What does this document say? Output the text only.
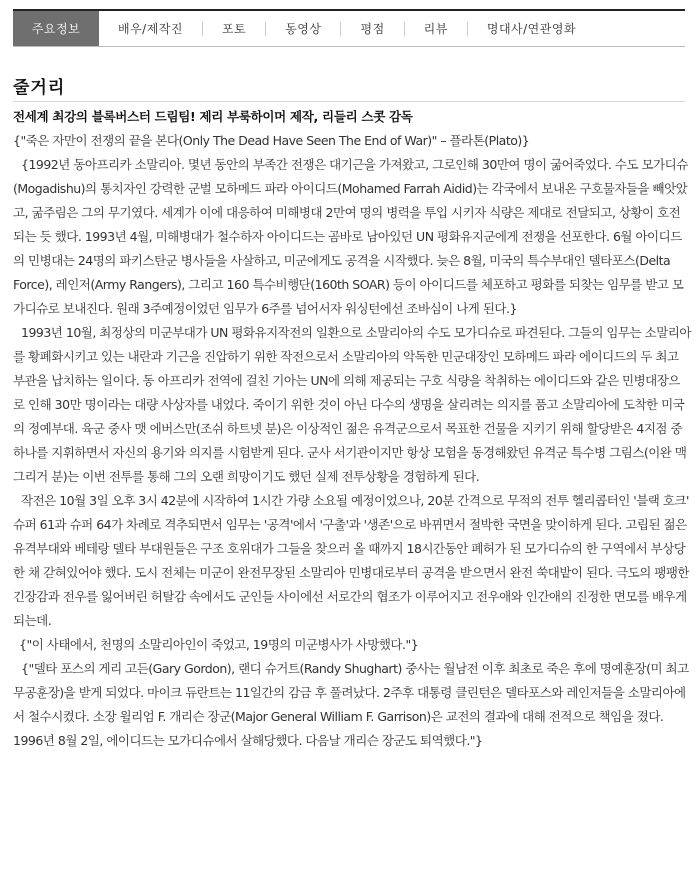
주요정보	배우/제작진	포토	동영상	평점	리뷰	명대사/연관영화
줄거리

전세계 최강의 블록버스터 드림팀! 제리 부룩하이머 제작, 리들리 스콧 감독

{"죽은 자만이 전쟁의 끝을 본다(Only The Dead Have Seen The End of War)" – 플라톤(Plato)}

{1992년 동아프리카 소말리아. 몇년 동안의 부족간 전쟁은 대기근을 가져왔고, 그로인해 30만여 명이 굶어죽었다. 수도 모가디슈(Mogadishu)의 통치자인 강력한 군벌 모하메드 파라 아이디드(Mohamed Farrah Aidid)는 각국에서 보내온 구호물자들을 빼앗았고, 굶주림은 그의 무기였다. 세계가 이에 대응하여 미해병대 2만여 명의 병력을 투입 시키자 식량은 제대로 전달되고, 상황이 호전되는 듯 했다. 1993년 4월, 미해병대가 철수하자 아이디드는 곰바로 남아있던 UN 평화유지군에게 전쟁을 선포한다. 6월 아이디드의 민병대는 24명의 파키스탄군 병사들을 사살하고, 미군에게도 공격을 시작했다. 늦은 8월, 미국의 특수부대인 델타포스(Delta Force), 레인저(Army Rangers), 그리고 160 특수비행단(160th SOAR) 등이 아이디드를 체포하고 평화를 되찾는 임무를 받고 모가디슈로 보내진다. 원래 3주예정이었던 임무가 6주를 넘어서자 워싱턴에선 조바심이 나게 된다.}

1993년 10월, 최정상의 미군부대가 UN 평화유지작전의 일환으로 소말리아의 수도 모가디슈로 파견된다. 그들의 임무는 소말리아를 황폐화시키고 있는 내란과 기근을 진압하기 위한 작전으로서 소말리아의 악독한 민군대장인 모하메드 파라 에이디드의 두 최고 부관을 납치하는 일이다. 동 아프리카 전역에 걸친 기아는 UN에 의해 제공되는 구호 식량을 착취하는 에이디드와 같은 민병대장으로 인해 30만 명이라는 대량 사상자를 내었다. 죽이기 위한 것이 아닌 다수의 생명을 살리려는 의지를 품고 소말리아에 도착한 미국의 정예부대. 육군 중사 맷 에버스만(조쉬 하트넷 분)은 이상적인 젊은 유격군으로서 목표한 건물을 지키기 위해 할당받은 4지점 중 하나를 지휘하면서 자신의 용기와 의지를 시험받게 된다. 군사 서기관이지만 항상 모험을 동경해왔던 유격군 특수병 그림스(이완 맥그리거 분)는 이번 전투를 통해 그의 오랜 희망이기도 했던 실제 전투상황을 경험하게 된다.

작전은 10월 3일 오후 3시 42분에 시작하여 1시간 가량 소요될 예정이었으나, 20분 간격으로 무적의 전투 헬리콥터인 '블랙 호크' 슈퍼 61과 슈퍼 64가 차례로 격추되면서 임무는 '공격'에서 '구출'과 '생존'으로 바뀌면서 절박한 국면을 맞이하게 된다. 고립된 젊은 유격부대와 베테랑 델타 부대원들은 구조 호위대가 그들을 찾으러 올 때까지 18시간동안 폐허가 된 모가디슈의 한 구역에서 부상당한 채 갇혀있어야 했다. 도시 전체는 미군이 완전무장된 소말리아 민병대로부터 공격을 받으면서 완전 쑥대밭이 된다. 극도의 팽팽한 긴장감과 전우를 잃어버린 허탈감 속에서도 군인들 사이에선 서로간의 협조가 이루어지고 전우애와 인간애의 진정한 면모를 배우게 되는데.

{"이 사태에서, 천명의 소말리아인이 죽었고, 19명의 미군병사가 사망했다."}

{"델타 포스의 게리 고든(Gary Gordon), 랜디 슈거트(Randy Shughart) 중사는 월남전 이후 최초로 죽은 후에 명예훈장(미 최고 무공훈장)을 받게 되었다. 마이크 듀란트는 11일간의 감금 후 풀려났다. 2주후 대통령 클린턴은 델타포스와 레인저들을 소말리아에서 철수시켰다. 소장 윌리엄 F. 개리슨 장군(Major General William F. Garrison)은 교전의 결과에 대해 전적으로 책임을 졌다. 1996년 8월 2일, 에이디드는 모가디슈에서 살해당했다. 다음날 개리슨 장군도 퇴역했다."}
